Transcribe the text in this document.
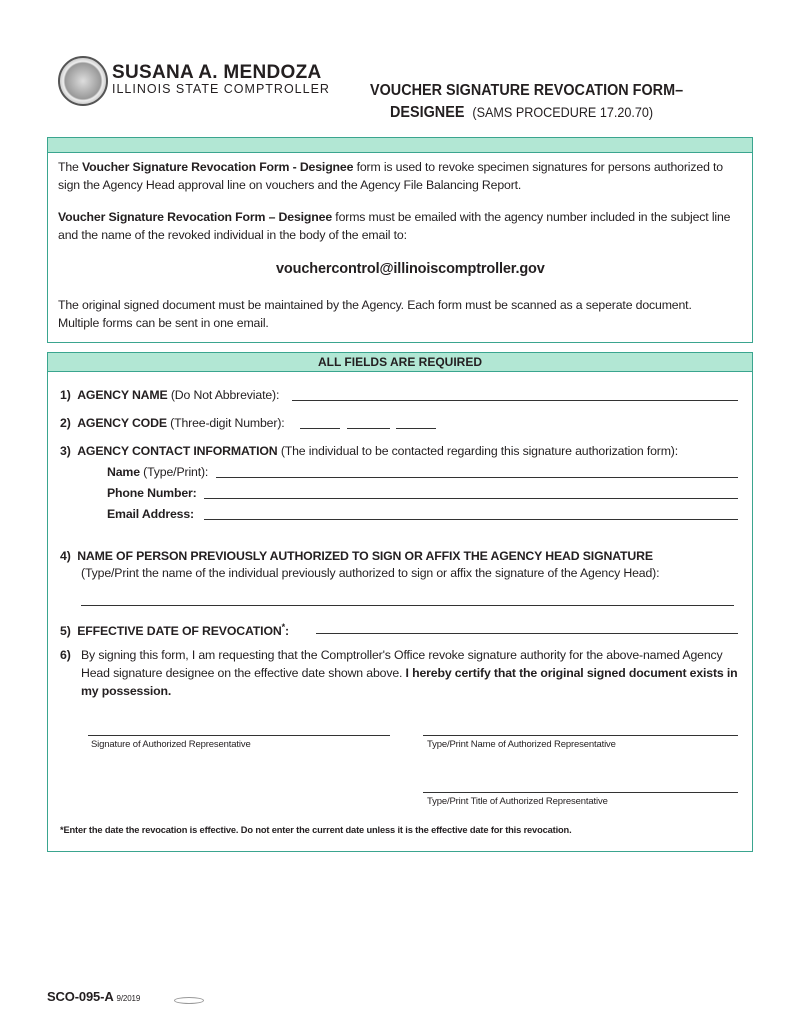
SUSANA A. MENDOZA
ILLINOIS STATE COMPTROLLER	VOUCHER SIGNATURE REVOCATION FORM–
DESIGNEE (SAMS PROCEDURE 17.20.70)
The Voucher Signature Revocation Form - Designee form is used to revoke specimen signatures for persons authorized to sign the Agency Head approval line on vouchers and the Agency File Balancing Report.
Voucher Signature Revocation Form – Designee forms must be emailed with the agency number included in the subject line and the name of the revoked individual in the body of the email to:
vouchercontrol@illinoiscomptroller.gov
The original signed document must be maintained by the Agency. Each form must be scanned as a seperate document. Multiple forms can be sent in one email.
ALL FIELDS ARE REQUIRED
1) AGENCY NAME (Do Not Abbreviate):
2) AGENCY CODE (Three-digit Number):
3) AGENCY CONTACT INFORMATION (The individual to be contacted regarding this signature authorization form):
Name (Type/Print):
Phone Number:
Email Address:
4) NAME OF PERSON PREVIOUSLY AUTHORIZED TO SIGN OR AFFIX THE AGENCY HEAD SIGNATURE
(Type/Print the name of the individual previously authorized to sign or affix the signature of the Agency Head):
5) EFFECTIVE DATE OF REVOCATION*:
6) By signing this form, I am requesting that the Comptroller's Office revoke signature authority for the above-named Agency Head signature designee on the effective date shown above. I hereby certify that the original signed document exists in my possession.
Signature of Authorized Representative	Type/Print Name of Authorized Representative
Type/Print Title of Authorized Representative
*Enter the date the revocation is effective. Do not enter the current date unless it is the effective date for this revocation.
SCO-095-A 9/2019
